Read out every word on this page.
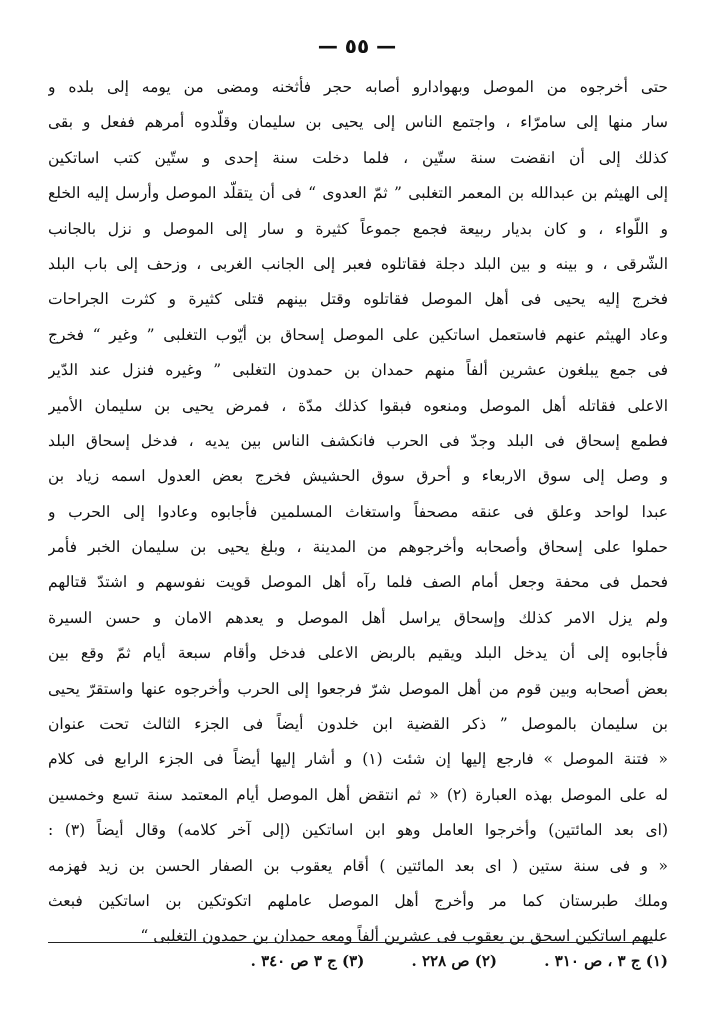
— ٥٥ —
حتى أخرجوه من الموصل وبهوادارو أصابه حجر فأثخنه ومضى من يومه إلى بلده و
سار منها إلى سامرّاء ، واجتمع الناس إلى يحيى بن سليمان وقلّدوه أمرهم ففعل و بقى
كذلك إلى أن انقضت سنة ستّين ، فلما دخلت سنة إحدى و ستّين كتب اساتكين
إلى الهيثم بن عبدالله بن المعمر التغلبى ” ثمّ العدوى “ فى أن يتقلّد الموصل وأرسل إليه الخلع
و اللّواء ، و كان بديار ربيعة فجمع جموعاً كثيرة و سار إلى الموصل و نزل بالجانب
الشّرقى ، و بينه و بين البلد دجلة فقاتلوه فعبر إلى الجانب الغربى ، وزحف إلى باب البلد
فخرج إليه يحيى فى أهل الموصل فقاتلوه وقتل بينهم قتلى كثيرة و كثرت الجراحات
وعاد الهيثم عنهم فاستعمل اساتكين على الموصل إسحاق بن أيّوب التغلبى ” وغير “ فخرج
فى جمع يبلغون عشرين ألفاً منهم حمدان بن حمدون التغلبى ” وغيره فنزل عند الدّير
الاعلى فقاتله أهل الموصل ومنعوه فبقوا كذلك مدّة ، فمرض يحيى بن سليمان الأمير
فطمع إسحاق فى البلد وجدّ فى الحرب فانكشف الناس بين يديه ، فدخل إسحاق البلد
و وصل إلى سوق الاربعاء و أحرق سوق الحشيش فخرج بعض العدول اسمه زياد بن
عبدا لواحد وعلق فى عنقه مصحفاً واستغاث المسلمين فأجابوه وعادوا إلى الحرب و
حملوا على إسحاق وأصحابه وأخرجوهم من المدينة ، وبلغ يحيى بن سليمان الخبر فأمر
فحمل فى محفة وجعل أمام الصف فلما رآه أهل الموصل قويت نفوسهم و اشتدّ قتالهم
ولم يزل الامر كذلك وإسحاق يراسل أهل الموصل و يعدهم الامان و حسن السيرة
فأجابوه إلى أن يدخل البلد ويقيم بالربض الاعلى فدخل وأقام سبعة أيام ثمّ وقع بين
بعض أصحابه وبين قوم من أهل الموصل شرّ فرجعوا إلى الحرب وأخرجوه عنها واستقرّ يحيى
بن سليمان بالموصل ” ذكر القضية ابن خلدون أيضاً فى الجزء الثالث تحت عنوان
« فتنة الموصل » فارجع إليها إن شئت (١) و أشار إليها أيضاً فى الجزء الرابع فى كلام
له على الموصل بهذه العبارة (٢) « ثم انتقض أهل الموصل أيام المعتمد سنة تسع وخمسين
(اى بعد المائتين) وأخرجوا العامل وهو ابن اساتكين (إلى آخر كلامه) وقال أيضاً (٣) :
« و فى سنة ستين ( اى بعد المائتين ) أقام يعقوب بن الصفار الحسن بن زيد فهزمه
وملك طبرستان كما مر وأخرج أهل الموصل عاملهم اتكوتكين بن اساتكين فبعث
عليهم اساتكين اسحق بن يعقوب فى عشرين ألفاً ومعه حمدان بن حمدون التغلبى “
(١) ج ٣ ، ص ٣١٠ . (٢) ص ٢٢٨ . (٣) ج ٣ ص ٣٤٠ .
